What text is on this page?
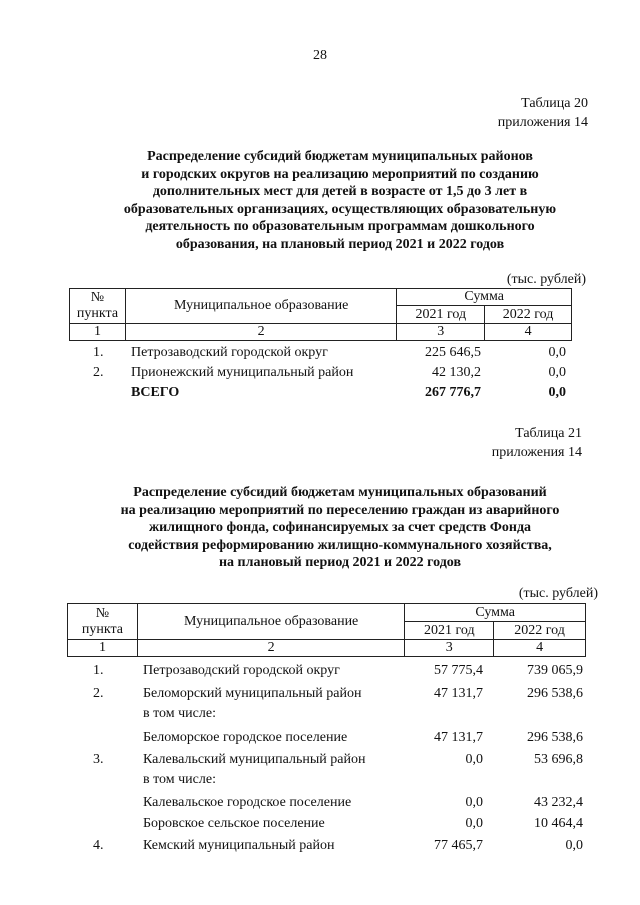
28
Таблица 20
приложения 14
Распределение субсидий бюджетам муниципальных районов
и городских округов на реализацию мероприятий по созданию
дополнительных мест для детей в возрасте от 1,5 до 3 лет в
образовательных организациях, осуществляющих образовательную
деятельность по образовательным программам дошкольного
образования, на плановый период 2021 и 2022 годов
(тыс. рублей)
№
пункта	Муниципальное образование	Сумма	
		2021 год	2022 год
1	2	3	4
1. Петрозаводский городской округ	225 646,5	0,0
2. Прионежский муниципальный район	42 130,2	0,0
ВСЕГО	267 776,7	0,0
Таблица 21
приложения 14
Распределение субсидий бюджетам муниципальных образований
на реализацию мероприятий по переселению граждан из аварийного
жилищного фонда, софинансируемых за счет средств Фонда
содействия реформированию жилищно-коммунального хозяйства,
на плановый период 2021 и 2022 годов
(тыс. рублей)
№
пункта	Муниципальное образование	Сумма	
		2021 год	2022 год
1	2	3	4
1.	Петрозаводский городской округ	57 775,4	739 065,9
2.	Беломорский муниципальный район	47 131,7	296 538,6
в том числе:
Беломорское городское поселение	47 131,7	296 538,6
3.	Калевальский муниципальный район	0,0	53 696,8
в том числе:
Калевальское городское поселение	0,0	43 232,4
Боровское сельское поселение	0,0	10 464,4
4.	Кемский муниципальный район	77 465,7	0,0
